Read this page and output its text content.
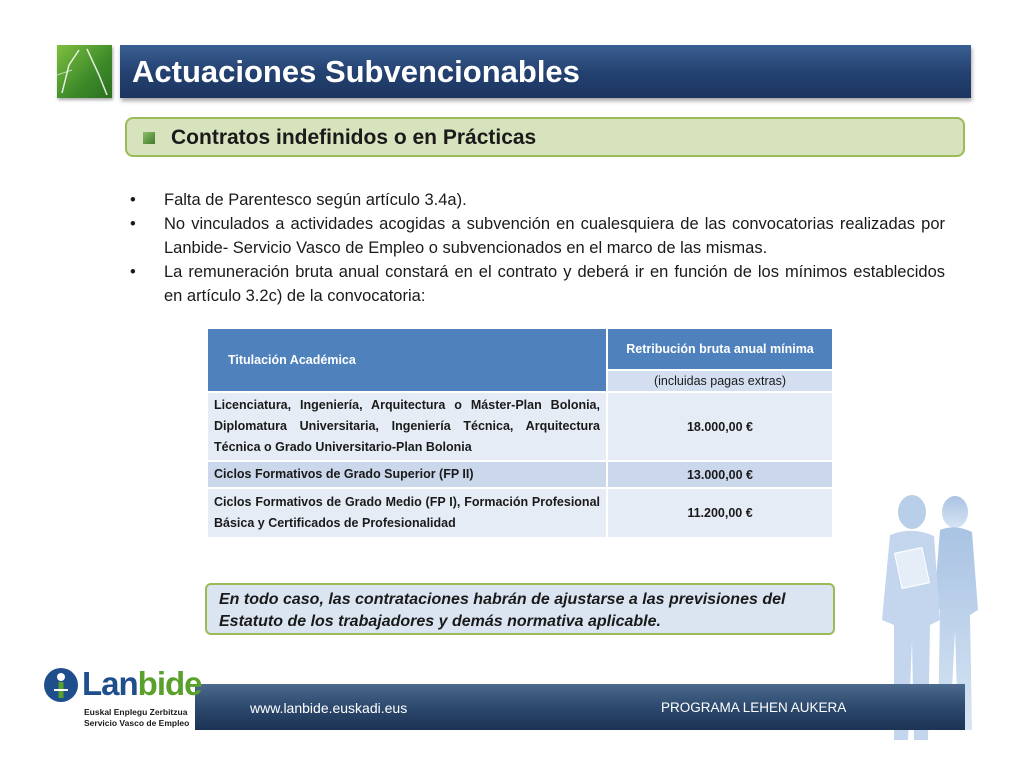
Actuaciones Subvencionables
Contratos indefinidos o en Prácticas
• Falta de Parentesco según artículo 3.4a).
• No vinculados a actividades acogidas a subvención en cualesquiera de las convocatorias realizadas por Lanbide- Servicio Vasco de Empleo o subvencionados en el marco de las mismas.
• La remuneración bruta anual constará en el contrato y deberá ir en función de los mínimos establecidos en artículo 3.2c) de la convocatoria:
Titulación Académica	Retribución bruta anual mínima
	(incluidas pagas extras)
Licenciatura, Ingeniería, Arquitectura o Máster-Plan Bolonia, Diplomatura Universitaria, Ingeniería Técnica, Arquitectura Técnica o Grado Universitario-Plan Bolonia	18.000,00 €
Ciclos Formativos de Grado Superior (FP II)	13.000,00 €
Ciclos Formativos de Grado Medio (FP I), Formación Profesional Básica y Certificados de Profesionalidad	11.200,00 €
En todo caso, las contrataciones habrán de ajustarse a las previsiones del Estatuto de los trabajadores y demás normativa aplicable.
www.lanbide.euskadi.eus	PROGRAMA LEHEN AUKERA
Lanbide
Euskal Enplegu Zerbitzua
Servicio Vasco de Empleo
